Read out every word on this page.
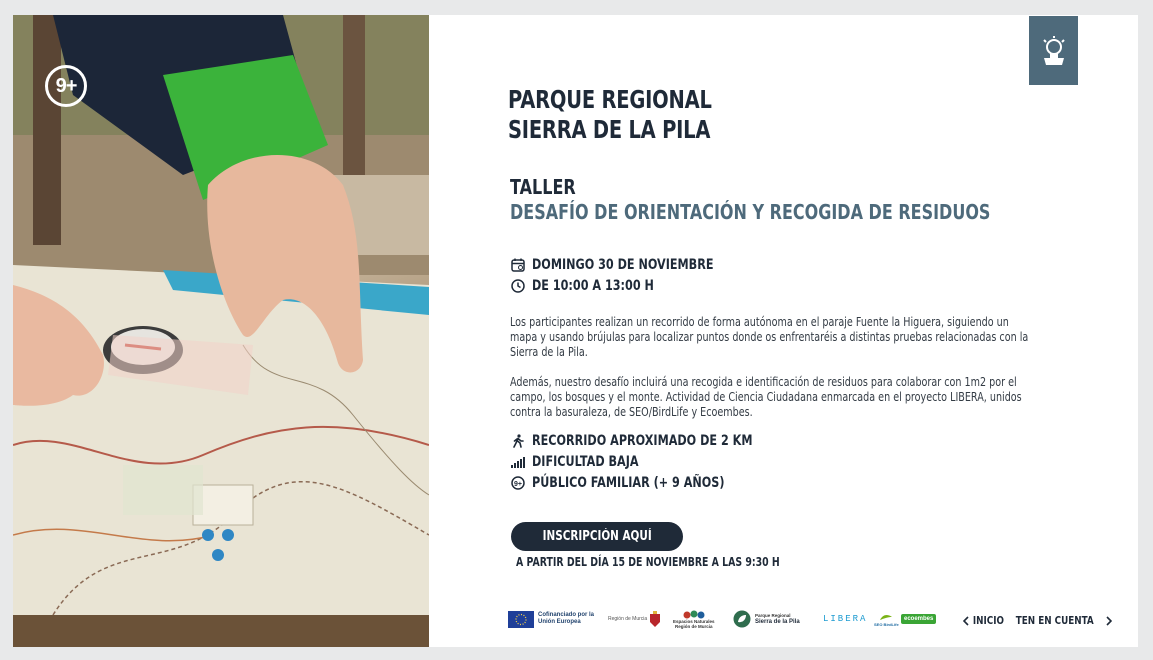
9+	PARQUE REGIONAL
SIERRA DE LA PILA
TALLER
DESAFÍO DE ORIENTACIÓN Y RECOGIDA DE RESIDUOS
DOMINGO 30 DE NOVIEMBRE
DE 10:00 A 13:00 H

Los participantes realizan un recorrido de forma autónoma en el paraje Fuente la Higuera, siguiendo un mapa y usando brújulas para localizar puntos donde os enfrentaréis a distintas pruebas relacionadas con la Sierra de la Pila.

Además, nuestro desafío incluirá una recogida e identificación de residuos para colaborar con 1m2 por el campo, los bosques y el monte. Actividad de Ciencia Ciudadana enmarcada en el proyecto LIBERA, unidos contra la basuraleza, de SEO/BirdLife y Ecoembes.

RECORRIDO APROXIMADO DE 2 KM
DIFICULTAD BAJA
9+ PÚBLICO FAMILIAR (+ 9 AÑOS)
INSCRIPCIÓN AQUÍ
A PARTIR DEL DÍA 15 DE NOVIEMBRE A LAS 9:30 H
Cofinanciado por la
Unión Europea
Región de Murcia	Espacios Naturales
Región de Murcia
Parque Regional
Sierra de la Pila	LIBERA SEO BirdLife
ecoembes	INICIO TEN EN CUENTA
